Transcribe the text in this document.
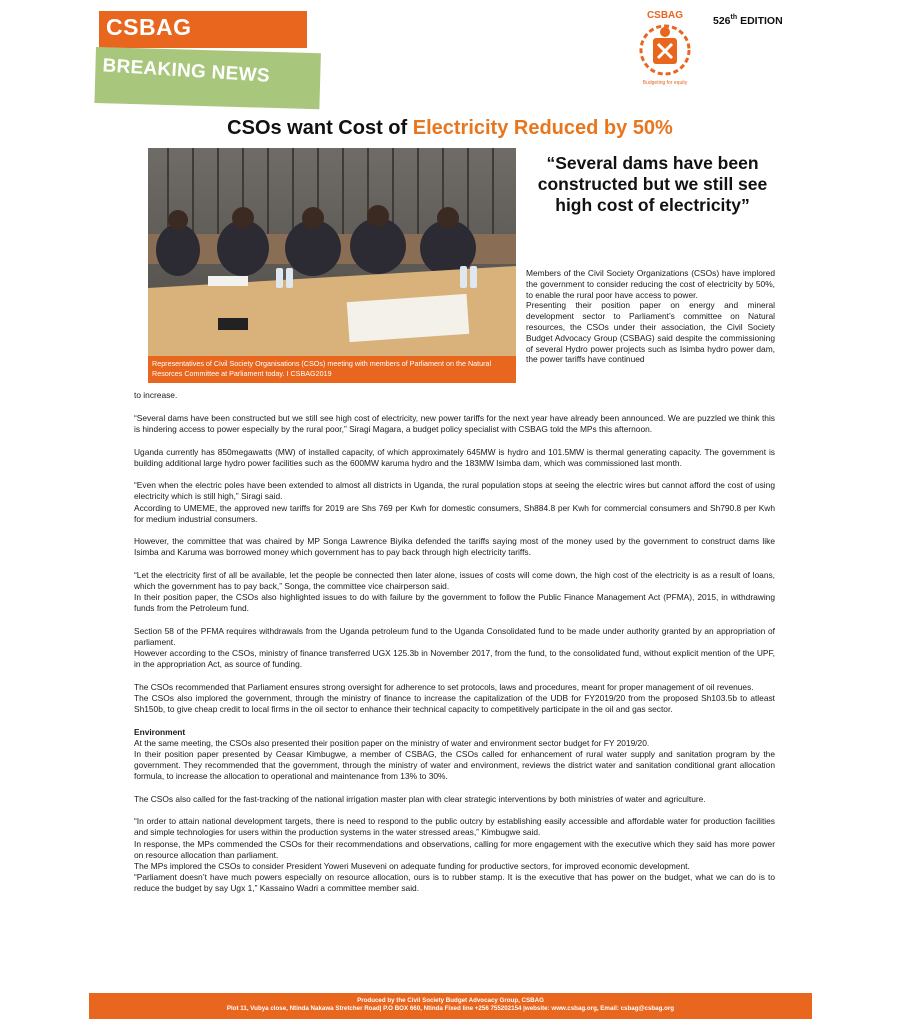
CSBAG
BREAKING NEWS
CSBAG
Budgeting for equity
526th EDITION
CSOs want Cost of Electricity Reduced by 50%
Representatives of Civil Society Organisations (CSOs) meeting with members of Parliament on the Natural Resorces Committee at Parliament today. I CSBAG2019
“Several dams have been constructed but we still see high cost of electricity”

Members of the Civil Society Organizations (CSOs) have implored the government to consider reducing the cost of electricity by 50%, to enable the rural poor have access to power.

Presenting their position paper on energy and mineral development sector to Parliament’s committee on Natural resources, the CSOs under their association, the Civil Society Budget Advocacy Group (CSBAG) said despite the commissioning of several Hydro power projects such as Isimba hydro power dam, the power tariffs have continued

to increase.

“Several dams have been constructed but we still see high cost of electricity, new power tariffs for the next year have already been announced. We are puzzled we think this is hindering access to power especially by the rural poor,” Siragi Magara, a budget policy specialist with CSBAG told the MPs this afternoon.

Uganda currently has 850megawatts (MW) of installed capacity, of which approximately 645MW is hydro and 101.5MW is thermal generating capacity. The government is building additional large hydro power facilities such as the 600MW karuma hydro and the 183MW Isimba dam, which was commissioned last month.

“Even when the electric poles have been extended to almost all districts in Uganda, the rural population stops at seeing the electric wires but cannot afford the cost of using electricity which is still high,” Siragi said.

According to UMEME, the approved new tariffs for 2019 are Shs 769 per Kwh for domestic consumers, Sh884.8 per Kwh for commercial consumers and Sh790.8 per Kwh for medium industrial consumers.

However, the committee that was chaired by MP Songa Lawrence Biyika defended the tariffs saying most of the money used by the government to construct dams like Isimba and Karuma was borrowed money which government has to pay back through high electricity tariffs.

“Let the electricity first of all be available, let the people be connected then later alone, issues of costs will come down, the high cost of the electricity is as a result of loans, which the government has to pay back,” Songa, the committee vice chairperson said.

In their position paper, the CSOs also highlighted issues to do with failure by the government to follow the Public Finance Management Act (PFMA), 2015, in withdrawing funds from the Petroleum fund.

Section 58 of the PFMA requires withdrawals from the Uganda petroleum fund to the Uganda Consolidated fund to be made under authority granted by an appropriation of parliament.

However according to the CSOs, ministry of finance transferred UGX 125.3b in November 2017, from the fund, to the consolidated fund, without explicit mention of the UPF, in the appropriation Act, as source of funding.

The CSOs recommended that Parliament ensures strong oversight for adherence to set protocols, laws and procedures, meant for proper management of oil revenues.

The CSOs also implored the government, through the ministry of finance to increase the capitalization of the UDB for FY2019/20 from the proposed Sh103.5b to atleast Sh150b, to give cheap credit to local firms in the oil sector to enhance their technical capacity to competitively participate in the oil and gas sector.

Environment

At the same meeting, the CSOs also presented their position paper on the ministry of water and environment sector budget for FY 2019/20.

In their position paper presented by Ceasar Kimbugwe, a member of CSBAG, the CSOs called for enhancement of rural water supply and sanitation program by the government. They recommended that the government, through the ministry of water and environment, reviews the district water and sanitation conditional grant allocation formula, to increase the allocation to operational and maintenance from 13% to 30%.

The CSOs also called for the fast-tracking of the national irrigation master plan with clear strategic interventions by both ministries of water and agriculture.

“In order to attain national development targets, there is need to respond to the public outcry by establishing easily accessible and affordable water for production facilities and simple technologies for users within the production systems in the water stressed areas,” Kimbugwe said.

In response, the MPs commended the CSOs for their recommendations and observations, calling for more engagement with the executive which they said has more power on resource allocation than parliament.

The MPs implored the CSOs to consider President Yoweri Museveni on adequate funding for productive sectors, for improved economic development.

“Parliament doesn’t have much powers especially on resource allocation, ours is to rubber stamp. It is the executive that has power on the budget, what we can do is to reduce the budget by say Ugx 1,” Kassaino Wadri a committee member said.

Produced by the Civil Society Budget Advocacy Group, CSBAG
Plot 11, Vubya close, Ntinda Nakawa Stretcher Road| P.O BOX 660, Ntinda Fixed line +256 755202154 |website: www.csbag.org, Email: csbag@csbag.org
